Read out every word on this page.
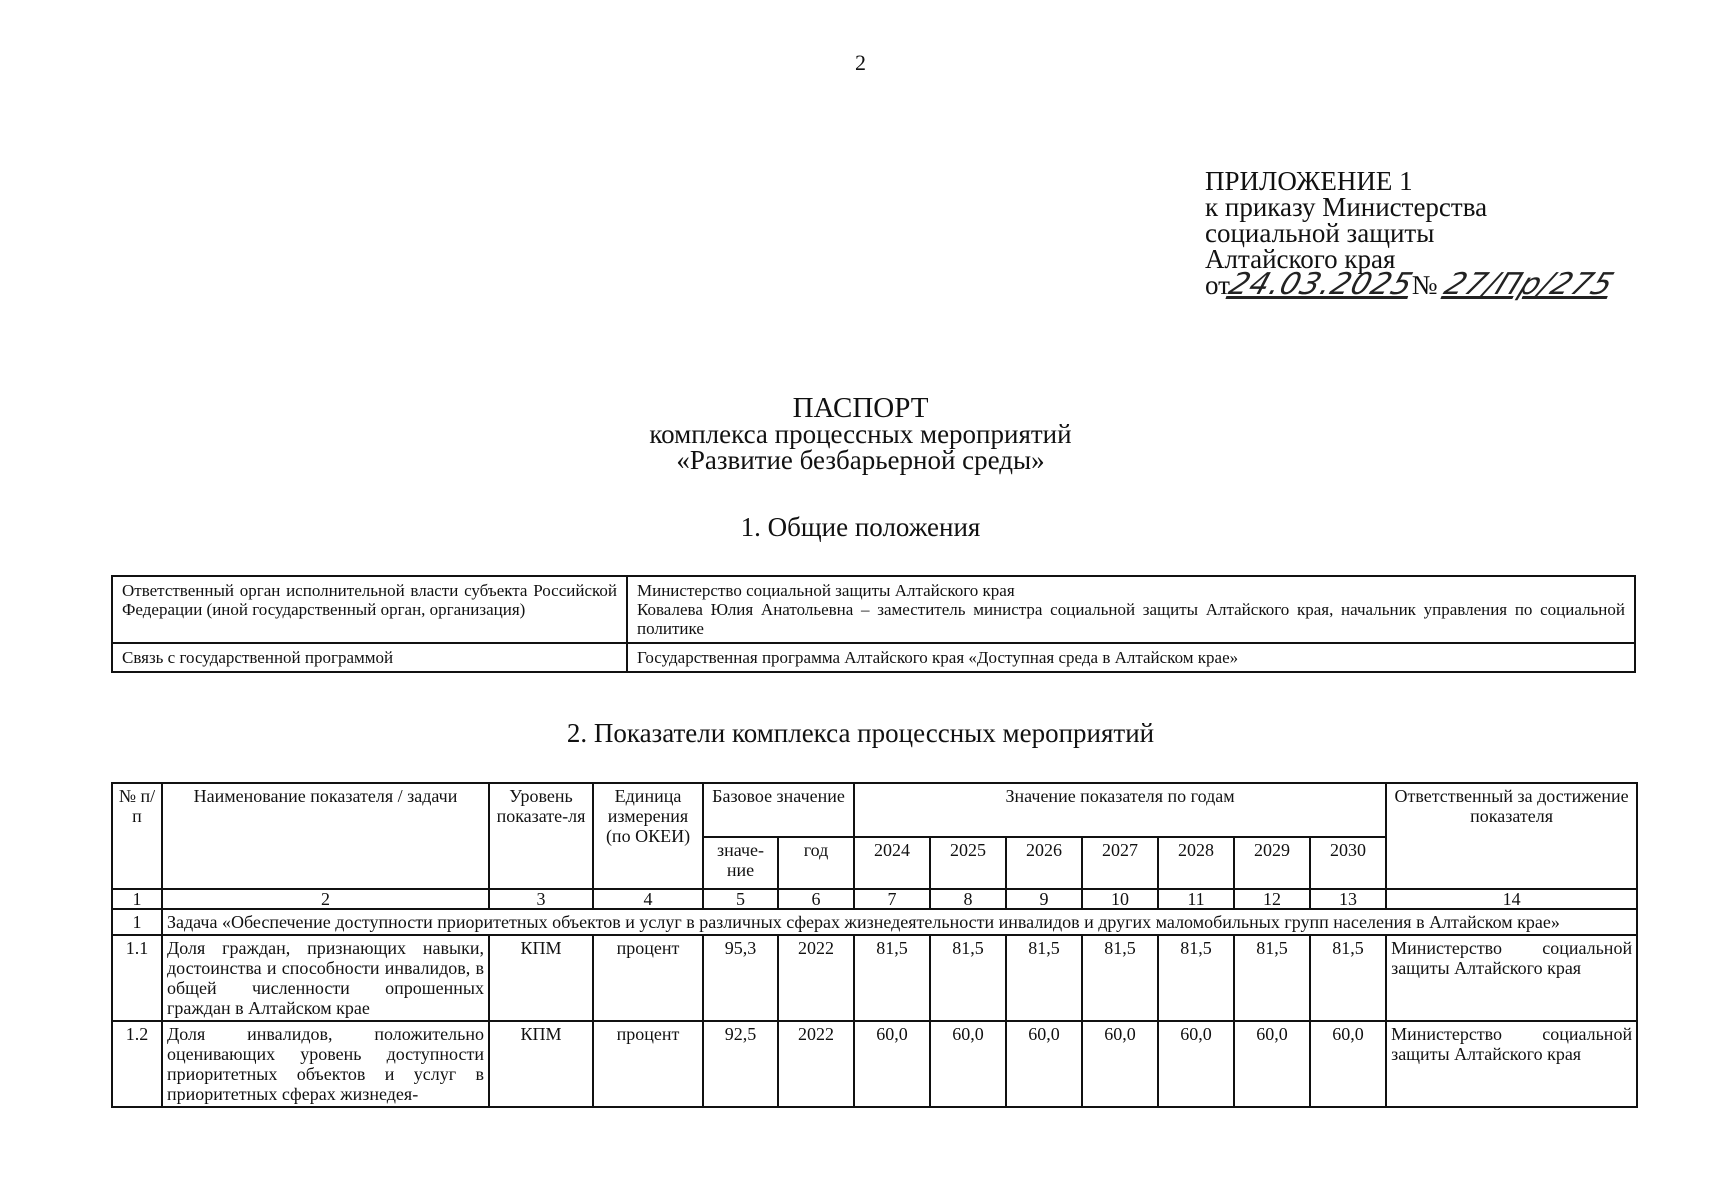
2
ПРИЛОЖЕНИЕ 1
к приказу Министерства
социальной защиты
Алтайского края
от24.03.2025№27/Пр/275
ПАСПОРТ
комплекса процессных мероприятий
«Развитие безбарьерной среды»
1. Общие положения
Ответственный орган исполнительной власти субъекта Российской Федерации (иной государственный орган, организация)	Министерство социальной защиты Алтайского края
Ковалева Юлия Анатольевна – заместитель министра социальной защиты Алтайского края, начальник управления по социальной политике

Связь с государственной программой	Государственная программа Алтайского края «Доступная среда в Алтайском крае»
2. Показатели комплекса процессных мероприятий
№ п/п	Наименование показателя / задачи	Уровень показате-ля	Единица измерения (по ОКЕИ)	Базовое значение		Значение показателя по годам							Ответственный за достижение показателя
				значе-ние	год	2024	2025	2026	2027	2028	2029	2030	
1	2	3	4	5	6	7	8	9	10	11	12	13	14
1	Задача «Обеспечение доступности приоритетных объектов и услуг в различных сферах жизнедеятельности инвалидов и других маломобильных групп населения в Алтайском крае»												
1.1	Доля граждан, признающих навыки, достоинства и способности инвалидов, в общей численности опрошенных граждан в Алтайском крае	КПМ	процент	95,3	2022	81,5	81,5	81,5	81,5	81,5	81,5	81,5	Министерство социальной защиты Алтайского края
1.2	Доля инвалидов, положительно оценивающих уровень доступности приоритетных объектов и услуг в приоритетных сферах жизнедея-	КПМ	процент	92,5	2022	60,0	60,0	60,0	60,0	60,0	60,0	60,0	Министерство социальной защиты Алтайского края
